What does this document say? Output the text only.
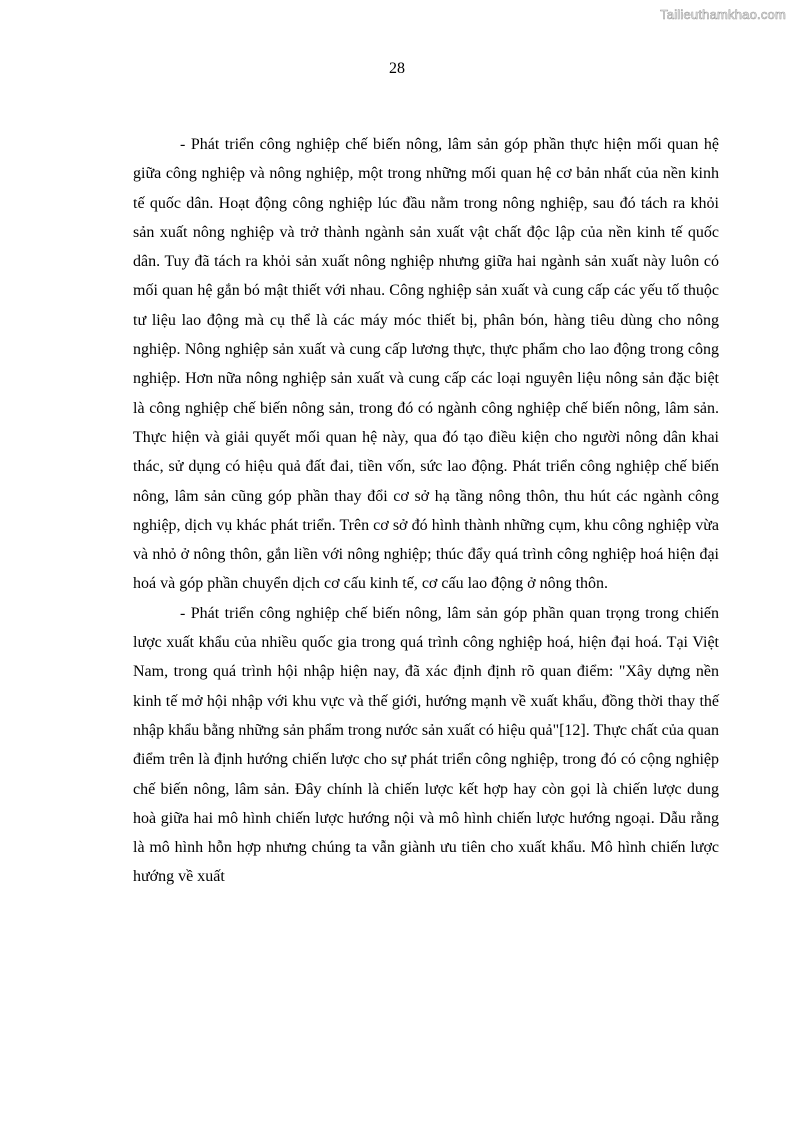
Tailieuthamkhao.com
28

- Phát triển công nghiệp chế biến nông, lâm sản góp phần thực hiện mối quan hệ giữa công nghiệp và nông nghiệp, một trong những mối quan hệ cơ bản nhất của nền kinh tế quốc dân. Hoạt động công nghiệp lúc đầu nằm trong nông nghiệp, sau đó tách ra khỏi sản xuất nông nghiệp và trở thành ngành sản xuất vật chất độc lập của nền kinh tế quốc dân. Tuy đã tách ra khỏi sản xuất nông nghiệp nhưng giữa hai ngành sản xuất này luôn có mối quan hệ gắn bó mật thiết với nhau. Công nghiệp sản xuất và cung cấp các yếu tố thuộc tư liệu lao động mà cụ thể là các máy móc thiết bị, phân bón, hàng tiêu dùng cho nông nghiệp. Nông nghiệp sản xuất và cung cấp lương thực, thực phẩm cho lao động trong công nghiệp. Hơn nữa nông nghiệp sản xuất và cung cấp các loại nguyên liệu nông sản đặc biệt là công nghiệp chế biến nông sản, trong đó có ngành công nghiệp chế biến nông, lâm sản. Thực hiện và giải quyết mối quan hệ này, qua đó tạo điều kiện cho người nông dân khai thác, sử dụng có hiệu quả đất đai, tiền vốn, sức lao động. Phát triển công nghiệp chế biến nông, lâm sản cũng góp phần thay đổi cơ sở hạ tầng nông thôn, thu hút các ngành công nghiệp, dịch vụ khác phát triển. Trên cơ sở đó hình thành những cụm, khu công nghiệp vừa và nhỏ ở nông thôn, gắn liền với nông nghiệp; thúc đẩy quá trình công nghiệp hoá hiện đại hoá và góp phần chuyển dịch cơ cấu kinh tế, cơ cấu lao động ở nông thôn.

- Phát triển công nghiệp chế biến nông, lâm sản góp phần quan trọng trong chiến lược xuất khẩu của nhiều quốc gia trong quá trình công nghiệp hoá, hiện đại hoá. Tại Việt Nam, trong quá trình hội nhập hiện nay, đã xác định định rõ quan điểm: "Xây dựng nền kinh tế mở hội nhập với khu vực và thế giới, hướng mạnh về xuất khẩu, đồng thời thay thế nhập khẩu bằng những sản phẩm trong nước sản xuất có hiệu quả"[12]. Thực chất của quan điểm trên là định hướng chiến lược cho sự phát triển công nghiệp, trong đó có cộng nghiệp chế biến nông, lâm sản. Đây chính là chiến lược kết hợp hay còn gọi là chiến lược dung hoà giữa hai mô hình chiến lược hướng nội và mô hình chiến lược hướng ngoại. Dẫu rằng là mô hình hỗn hợp nhưng chúng ta vẫn giành ưu tiên cho xuất khẩu. Mô hình chiến lược hướng về xuất
